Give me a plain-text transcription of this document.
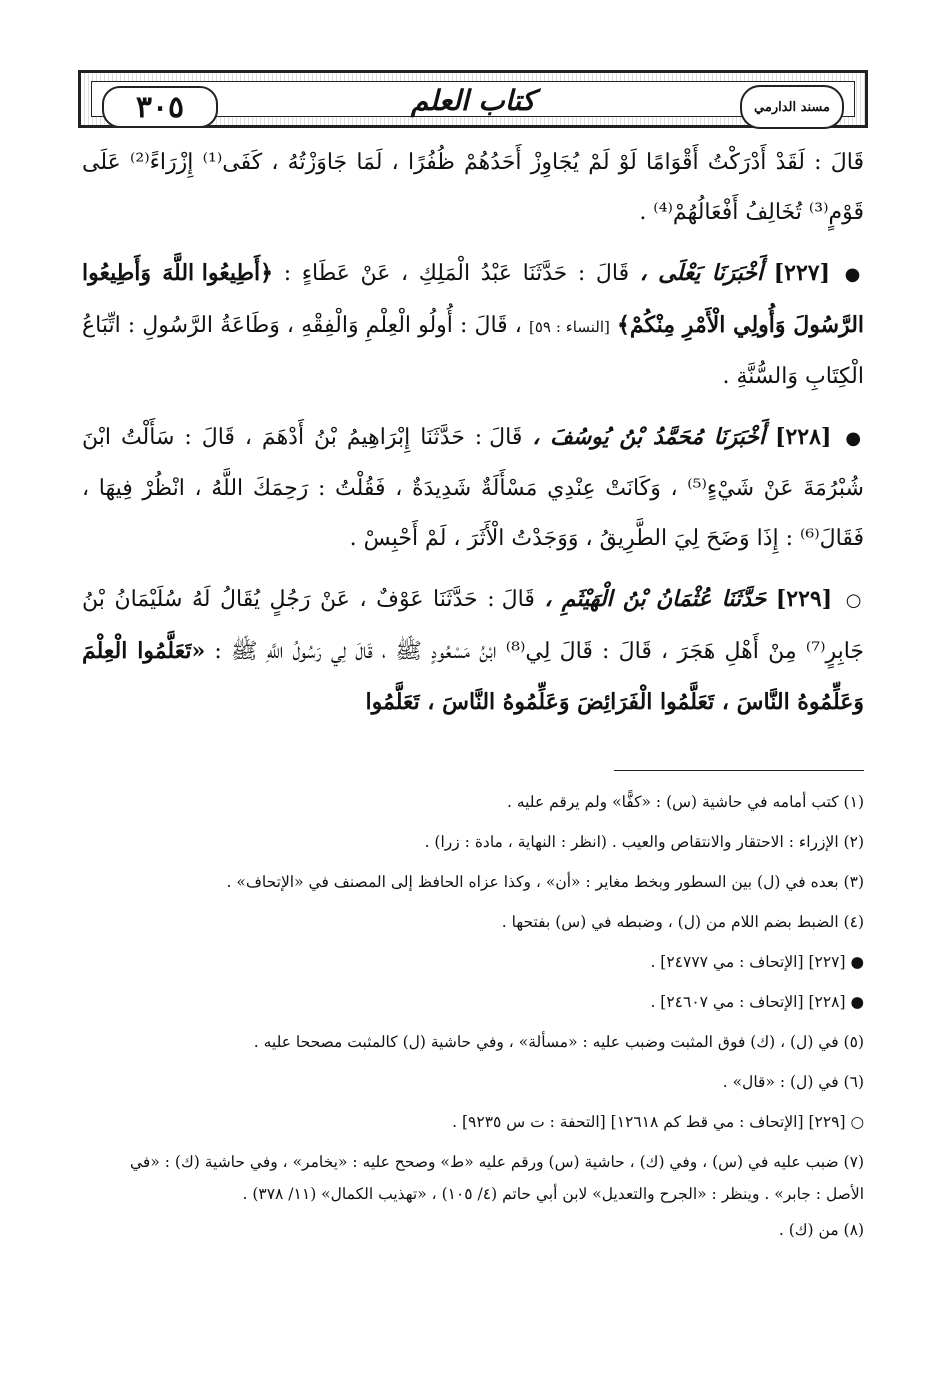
٣٠٥	كتاب العلم	مسند الدارمي

قَالَ : لَقَدْ أَدْرَكْتُ أَقْوَامًا لَوْ لَمْ يُجَاوِزْ أَحَدُهُمْ ظُفُرًا ، لَمَا جَاوَزْتُهُ ، كَفَى⁽¹⁾ إِزْرَاءً⁽²⁾ عَلَى قَوْمٍ⁽³⁾ تُخَالِفُ أَفْعَالُهُمْ⁽⁴⁾ .

● [٢٢٧] أَخْبَرَنَا يَعْلَى ، قَالَ : حَدَّثَنَا عَبْدُ الْمَلِكِ ، عَنْ عَطَاءٍ : ﴿أَطِيعُوا اللَّهَ وَأَطِيعُوا الرَّسُولَ وَأُولِي الْأَمْرِ مِنْكُمْ﴾ [النساء : ٥٩] ، قَالَ : أُولُو الْعِلْمِ وَالْفِقْهِ ، وَطَاعَةُ الرَّسُولِ : اتِّبَاعُ الْكِتَابِ وَالسُّنَّةِ .

● [٢٢٨] أَخْبَرَنَا مُحَمَّدُ بْنُ يُوسُفَ ، قَالَ : حَدَّثَنَا إِبْرَاهِيمُ بْنُ أَدْهَمَ ، قَالَ : سَأَلْتُ ابْنَ شُبْرُمَةَ عَنْ شَيْءٍ⁽⁵⁾ ، وَكَانَتْ عِنْدِي مَسْأَلَةٌ شَدِيدَةٌ ، فَقُلْتُ : رَحِمَكَ اللَّهُ ، انْظُرْ فِيهَا ، فَقَالَ⁽⁶⁾ : إِذَا وَضَحَ لِيَ الطَّرِيقُ ، وَوَجَدْتُ الْأَثَرَ ، لَمْ أَحْبِسْ .

○ [٢٢٩] حَدَّثَنَا عُثْمَانُ بْنُ الْهَيْثَمِ ، قَالَ : حَدَّثَنَا عَوْفٌ ، عَنْ رَجُلٍ يُقَالُ لَهُ سُلَيْمَانُ بْنُ جَابِرٍ⁽⁷⁾ مِنْ أَهْلِ هَجَرَ ، قَالَ : قَالَ لِي⁽⁸⁾ ابْنُ مَسْعُودٍ ﷺ ، قَالَ لِي رَسُولُ اللَّهِ ﷺ : «تَعَلَّمُوا الْعِلْمَ وَعَلِّمُوهُ النَّاسَ ، تَعَلَّمُوا الْفَرَائِضَ وَعَلِّمُوهُ النَّاسَ ، تَعَلَّمُوا

(١) كتب أمامه في حاشية (س) : «كفًّا» ولم يرقم عليه .

(٢) الإزراء : الاحتقار والانتقاص والعيب . (انظر : النهاية ، مادة : زرا) .

(٣) بعده في (ل) بين السطور وبخط مغاير : «أن» ، وكذا عزاه الحافظ إلى المصنف في «الإتحاف» .

(٤) الضبط بضم اللام من (ل) ، وضبطه في (س) بفتحها .

● [٢٢٧] [الإتحاف : مي ٢٤٧٧٧] .

● [٢٢٨] [الإتحاف : مي ٢٤٦٠٧] .

(٥) في (ل) ، (ك) فوق المثبت وضبب عليه : «مسألة» ، وفي حاشية (ل) كالمثبت مصححا عليه .

(٦) في (ل) : «قال» .

○ [٢٢٩] [الإتحاف : مي قط كم ١٢٦١٨] [التحفة : ت س ٩٢٣٥] .

(٧) ضبب عليه في (س) ، وفي (ك) ، حاشية (س) ورقم عليه «ط» وصحح عليه : «يخامر» ، وفي حاشية (ك) : «في الأصل : جابر» . وينظر : «الجرح والتعديل» لابن أبي حاتم (٤/ ١٠٥) ، «تهذيب الكمال» (١١/ ٣٧٨) .

(٨) من (ك) .
